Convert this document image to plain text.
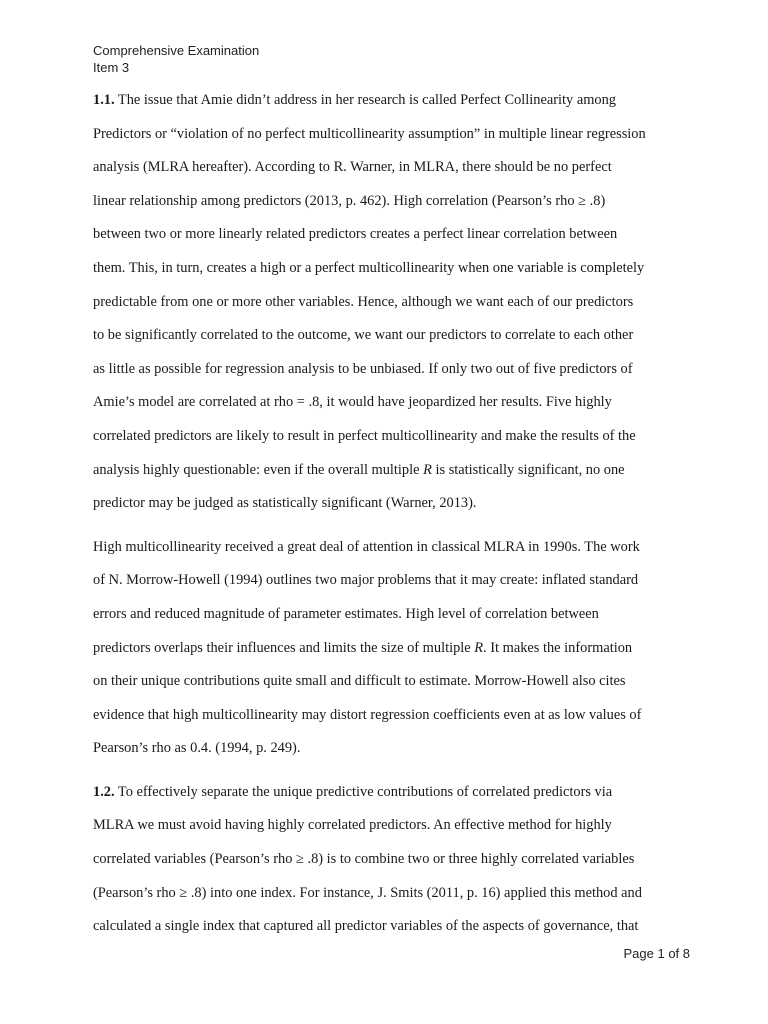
Comprehensive Examination
Item 3
1.1. The issue that Amie didn’t address in her research is called Perfect Collinearity among
Predictors or “violation of no perfect multicollinearity assumption” in multiple linear regression
analysis (MLRA hereafter). According to R. Warner, in MLRA, there should be no perfect
linear relationship among predictors (2013, p. 462). High correlation (Pearson’s rho ≥ .8)
between two or more linearly related predictors creates a perfect linear correlation between
them. This, in turn, creates a high or a perfect multicollinearity when one variable is completely
predictable from one or more other variables. Hence, although we want each of our predictors
to be significantly correlated to the outcome, we want our predictors to correlate to each other
as little as possible for regression analysis to be unbiased. If only two out of five predictors of
Amie’s model are correlated at rho = .8, it would have jeopardized her results. Five highly
correlated predictors are likely to result in perfect multicollinearity and make the results of the
analysis highly questionable: even if the overall multiple R is statistically significant, no one
predictor may be judged as statistically significant (Warner, 2013).
High multicollinearity received a great deal of attention in classical MLRA in 1990s. The work
of N. Morrow-Howell (1994) outlines two major problems that it may create: inflated standard
errors and reduced magnitude of parameter estimates. High level of correlation between
predictors overlaps their influences and limits the size of multiple R. It makes the information
on their unique contributions quite small and difficult to estimate. Morrow-Howell also cites
evidence that high multicollinearity may distort regression coefficients even at as low values of
Pearson’s rho as 0.4. (1994, p. 249).
1.2. To effectively separate the unique predictive contributions of correlated predictors via
MLRA we must avoid having highly correlated predictors. An effective method for highly
correlated variables (Pearson’s rho ≥ .8) is to combine two or three highly correlated variables
(Pearson’s rho ≥ .8) into one index. For instance, J. Smits (2011, p. 16) applied this method and
calculated a single index that captured all predictor variables of the aspects of governance, that
Page 1 of 8
